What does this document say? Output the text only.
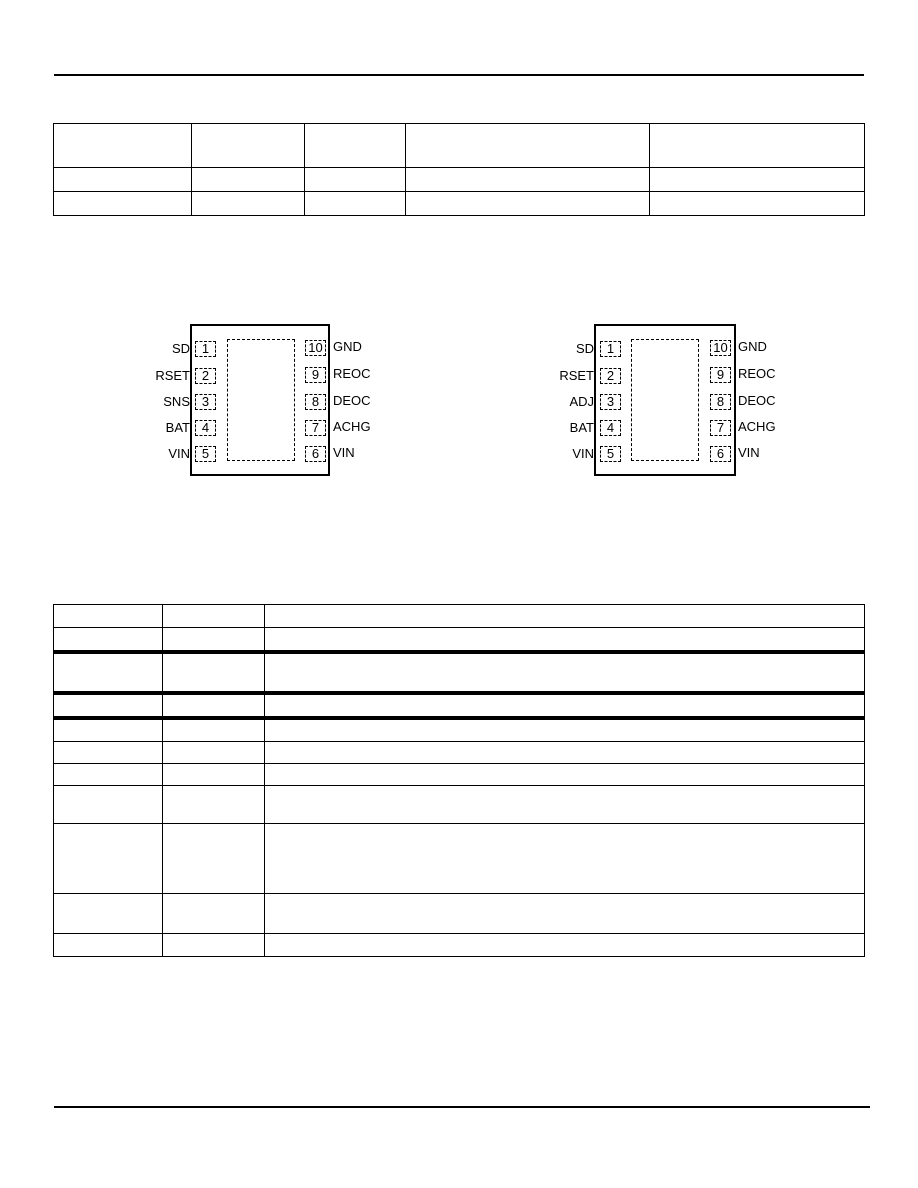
SD 1
RSET 2
SNS 3
BAT 4
VIN 5
10 GND
9	REOC
8	DEOC
7	ACHG
6	VIN
SD 1
RSET 2
ADJ 3
BAT 4
VIN 5
10 GND
9	REOC
8	DEOC
7	ACHG
6	VIN
